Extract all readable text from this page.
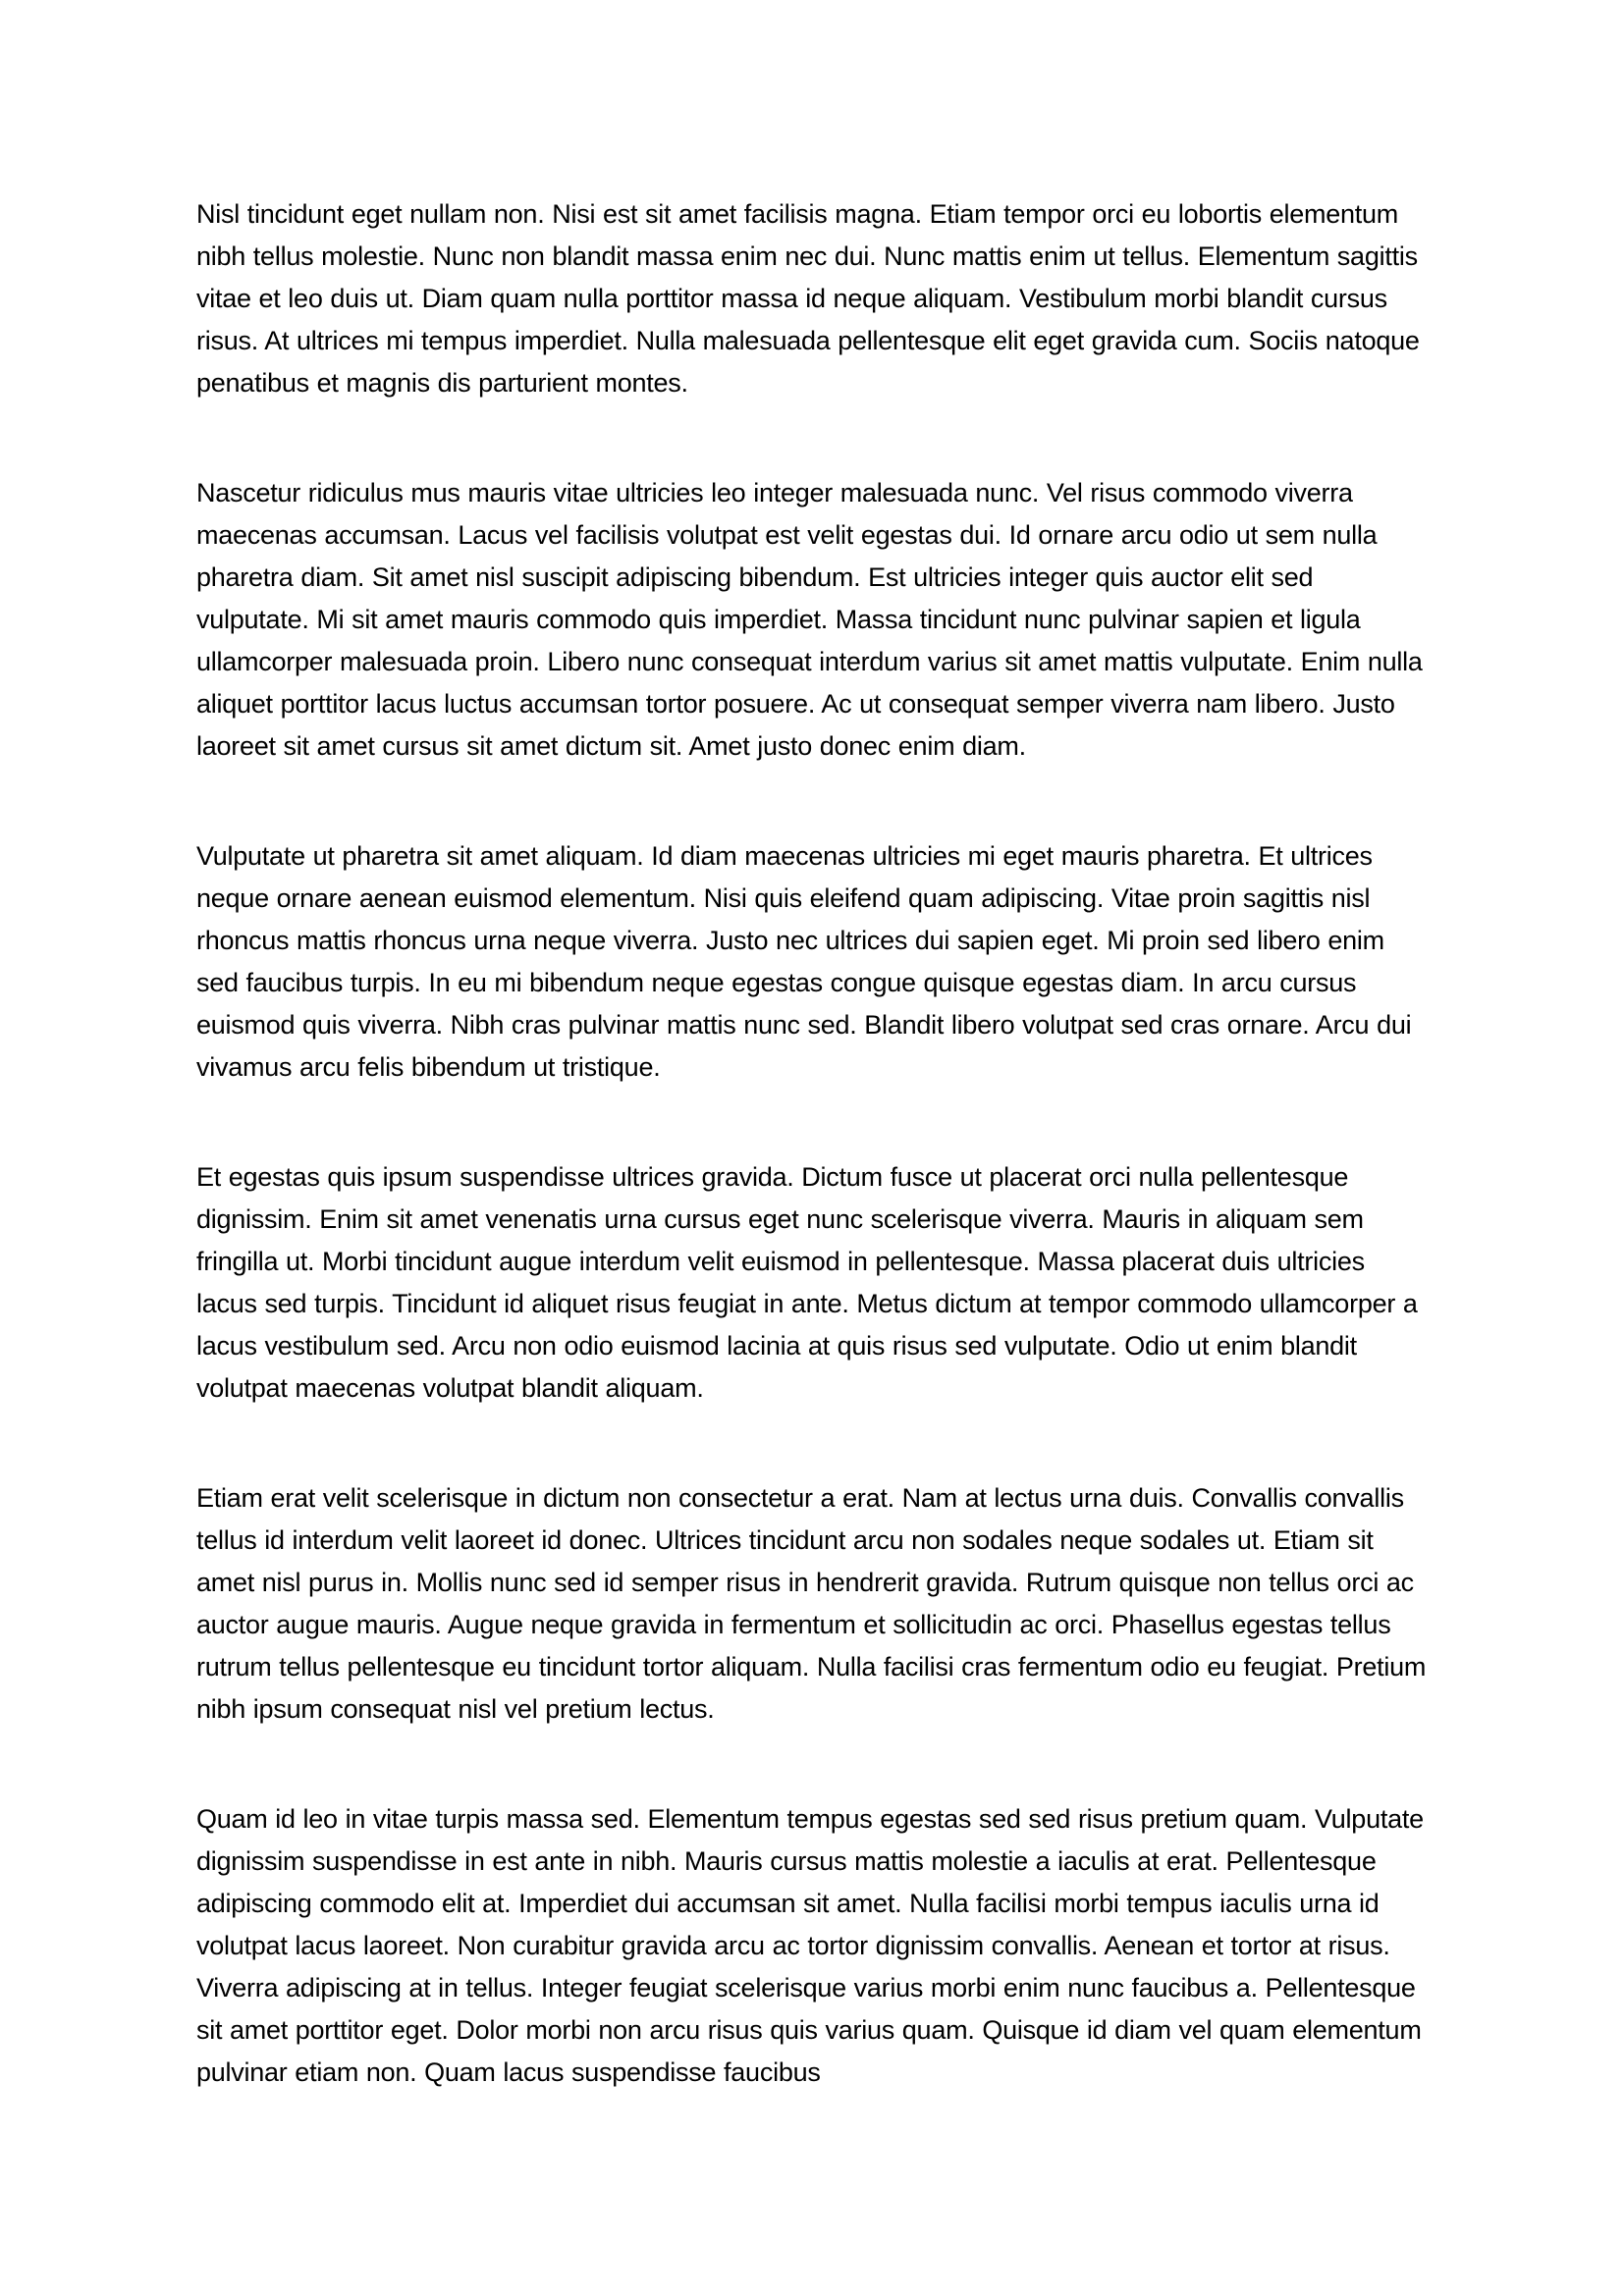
Nisl tincidunt eget nullam non. Nisi est sit amet facilisis magna. Etiam tempor orci eu lobortis elementum nibh tellus molestie. Nunc non blandit massa enim nec dui. Nunc mattis enim ut tellus. Elementum sagittis vitae et leo duis ut. Diam quam nulla porttitor massa id neque aliquam. Vestibulum morbi blandit cursus risus. At ultrices mi tempus imperdiet. Nulla malesuada pellentesque elit eget gravida cum. Sociis natoque penatibus et magnis dis parturient montes.

Nascetur ridiculus mus mauris vitae ultricies leo integer malesuada nunc. Vel risus commodo viverra maecenas accumsan. Lacus vel facilisis volutpat est velit egestas dui. Id ornare arcu odio ut sem nulla pharetra diam. Sit amet nisl suscipit adipiscing bibendum. Est ultricies integer quis auctor elit sed vulputate. Mi sit amet mauris commodo quis imperdiet. Massa tincidunt nunc pulvinar sapien et ligula ullamcorper malesuada proin. Libero nunc consequat interdum varius sit amet mattis vulputate. Enim nulla aliquet porttitor lacus luctus accumsan tortor posuere. Ac ut consequat semper viverra nam libero. Justo laoreet sit amet cursus sit amet dictum sit. Amet justo donec enim diam.

Vulputate ut pharetra sit amet aliquam. Id diam maecenas ultricies mi eget mauris pharetra. Et ultrices neque ornare aenean euismod elementum. Nisi quis eleifend quam adipiscing. Vitae proin sagittis nisl rhoncus mattis rhoncus urna neque viverra. Justo nec ultrices dui sapien eget. Mi proin sed libero enim sed faucibus turpis. In eu mi bibendum neque egestas congue quisque egestas diam. In arcu cursus euismod quis viverra. Nibh cras pulvinar mattis nunc sed. Blandit libero volutpat sed cras ornare. Arcu dui vivamus arcu felis bibendum ut tristique.

Et egestas quis ipsum suspendisse ultrices gravida. Dictum fusce ut placerat orci nulla pellentesque dignissim. Enim sit amet venenatis urna cursus eget nunc scelerisque viverra. Mauris in aliquam sem fringilla ut. Morbi tincidunt augue interdum velit euismod in pellentesque. Massa placerat duis ultricies lacus sed turpis. Tincidunt id aliquet risus feugiat in ante. Metus dictum at tempor commodo ullamcorper a lacus vestibulum sed. Arcu non odio euismod lacinia at quis risus sed vulputate. Odio ut enim blandit volutpat maecenas volutpat blandit aliquam.

Etiam erat velit scelerisque in dictum non consectetur a erat. Nam at lectus urna duis. Convallis convallis tellus id interdum velit laoreet id donec. Ultrices tincidunt arcu non sodales neque sodales ut. Etiam sit amet nisl purus in. Mollis nunc sed id semper risus in hendrerit gravida. Rutrum quisque non tellus orci ac auctor augue mauris. Augue neque gravida in fermentum et sollicitudin ac orci. Phasellus egestas tellus rutrum tellus pellentesque eu tincidunt tortor aliquam. Nulla facilisi cras fermentum odio eu feugiat. Pretium nibh ipsum consequat nisl vel pretium lectus.

Quam id leo in vitae turpis massa sed. Elementum tempus egestas sed sed risus pretium quam. Vulputate dignissim suspendisse in est ante in nibh. Mauris cursus mattis molestie a iaculis at erat. Pellentesque adipiscing commodo elit at. Imperdiet dui accumsan sit amet. Nulla facilisi morbi tempus iaculis urna id volutpat lacus laoreet. Non curabitur gravida arcu ac tortor dignissim convallis. Aenean et tortor at risus. Viverra adipiscing at in tellus. Integer feugiat scelerisque varius morbi enim nunc faucibus a. Pellentesque sit amet porttitor eget. Dolor morbi non arcu risus quis varius quam. Quisque id diam vel quam elementum pulvinar etiam non. Quam lacus suspendisse faucibus
